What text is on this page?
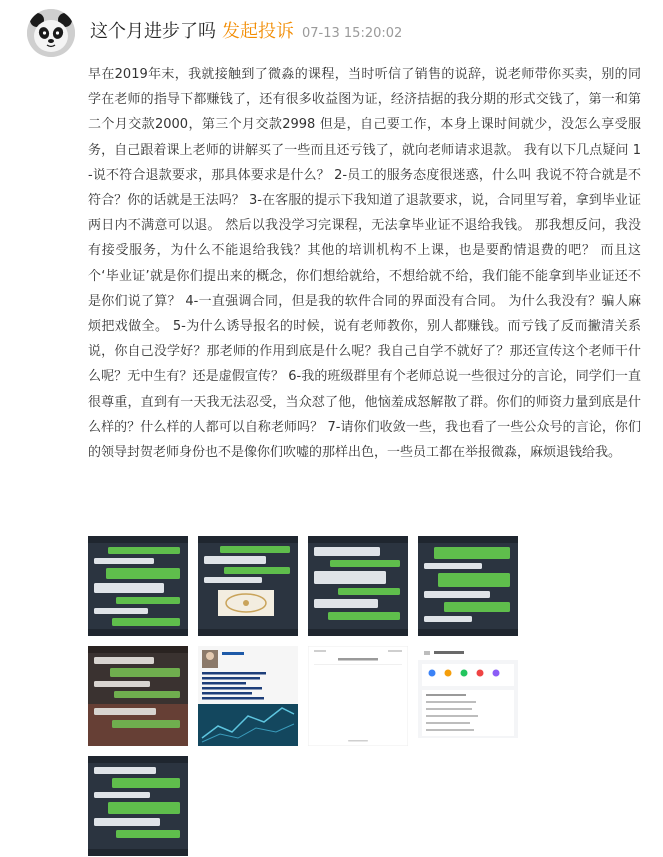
这个月进步了吗 发起投诉 07-13 15:20:02

早在2019年末，我就接触到了微淼的课程，当时听信了销售的说辞，说老师带你买卖，别的同学在老师的指导下都赚钱了，还有很多收益图为证，经济拮据的我分期的形式交钱了，第一和第二个月交款2000，第三个月交款2998 但是，自己要工作，本身上课时间就少，没怎么享受服务，自己跟着课上老师的讲解买了一些而且还亏钱了，就向老师请求退款。 我有以下几点疑问 1-说不符合退款要求，那具体要求是什么？ 2-员工的服务态度很迷惑，什么叫 我说不符合就是不符合？你的话就是王法吗？ 3-在客服的提示下我知道了退款要求，说，合同里写着，拿到毕业证两日内不满意可以退。 然后以我没学习完课程，无法拿毕业证不退给我钱。 那我想反问，我没有接受服务，为什么不能退给我钱？其他的培训机构不上课，也是要酌情退费的吧？ 而且这个‘毕业证’就是你们提出来的概念，你们想给就给，不想给就不给，我们能不能拿到毕业证还不是你们说了算？ 4-一直强调合同，但是我的软件合同的界面没有合同。 为什么我没有？骗人麻烦把戏做全。 5-为什么诱导报名的时候，说有老师教你，别人都赚钱。而亏钱了反而撇清关系说，你自己没学好？那老师的作用到底是什么呢？我自己自学不就好了？那还宣传这个老师干什么呢？无中生有？还是虚假宣传？ 6-我的班级群里有个老师总说一些很过分的言论，同学们一直很尊重，直到有一天我无法忍受，当众怼了他，他恼羞成怒解散了群。你们的师资力量到底是什么样的？什么样的人都可以自称老师吗？ 7-请你们收敛一些，我也看了一些公众号的言论，你们的领导封贺老师身份也不是像你们吹嘘的那样出色，一些员工都在举报微淼，麻烦退钱给我。
